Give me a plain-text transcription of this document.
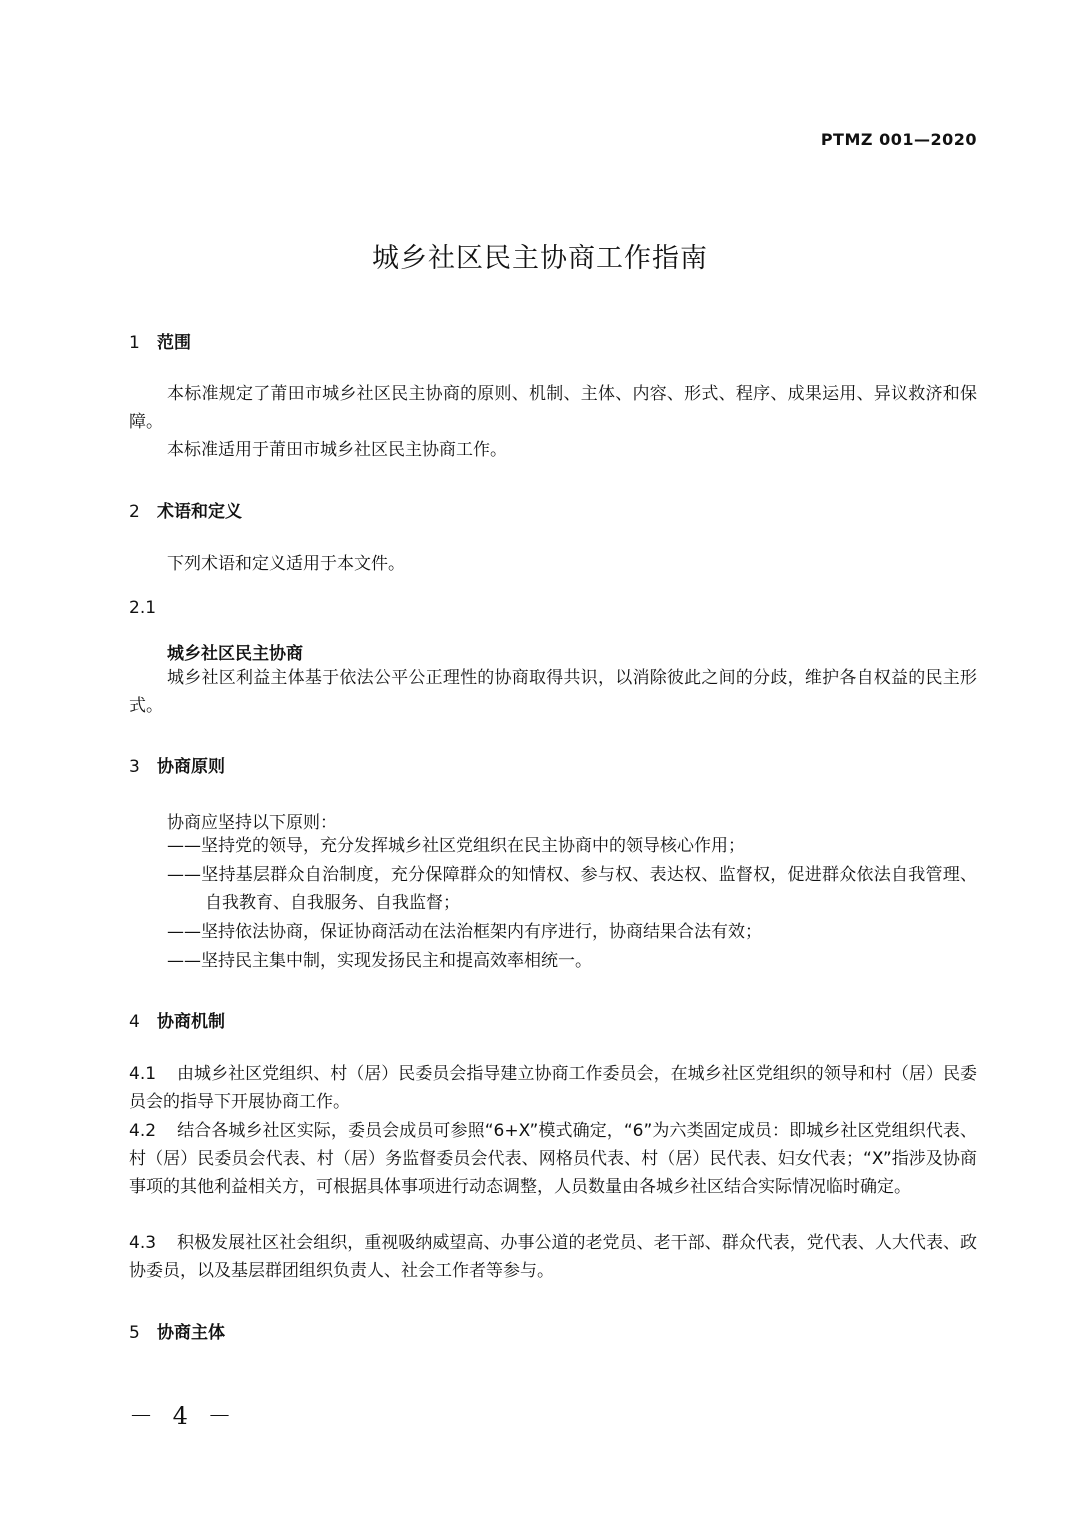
PTMZ 001—2020
城乡社区民主协商工作指南
1 范围
本标准规定了莆田市城乡社区民主协商的原则、机制、主体、内容、形式、程序、成果运用、异议救济和保障。
本标准适用于莆田市城乡社区民主协商工作。
2 术语和定义
下列术语和定义适用于本文件。
2.1
城乡社区民主协商
城乡社区利益主体基于依法公平公正理性的协商取得共识，以消除彼此之间的分歧，维护各自权益的民主形式。
3 协商原则
协商应坚持以下原则：
——坚持党的领导，充分发挥城乡社区党组织在民主协商中的领导核心作用；
——坚持基层群众自治制度，充分保障群众的知情权、参与权、表达权、监督权，促进群众依法自我管理、自我教育、自我服务、自我监督；
——坚持依法协商，保证协商活动在法治框架内有序进行，协商结果合法有效；
——坚持民主集中制，实现发扬民主和提高效率相统一。
4 协商机制
4.1 由城乡社区党组织、村（居）民委员会指导建立协商工作委员会，在城乡社区党组织的领导和村（居）民委员会的指导下开展协商工作。
4.2 结合各城乡社区实际，委员会成员可参照“6+X”模式确定，“6”为六类固定成员：即城乡社区党组织代表、村（居）民委员会代表、村（居）务监督委员会代表、网格员代表、村（居）民代表、妇女代表；“X”指涉及协商事项的其他利益相关方，可根据具体事项进行动态调整，人员数量由各城乡社区结合实际情况临时确定。
4.3 积极发展社区社会组织，重视吸纳威望高、办事公道的老党员、老干部、群众代表，党代表、人大代表、政协委员，以及基层群团组织负责人、社会工作者等参与。
5 协商主体
－ 4 －
